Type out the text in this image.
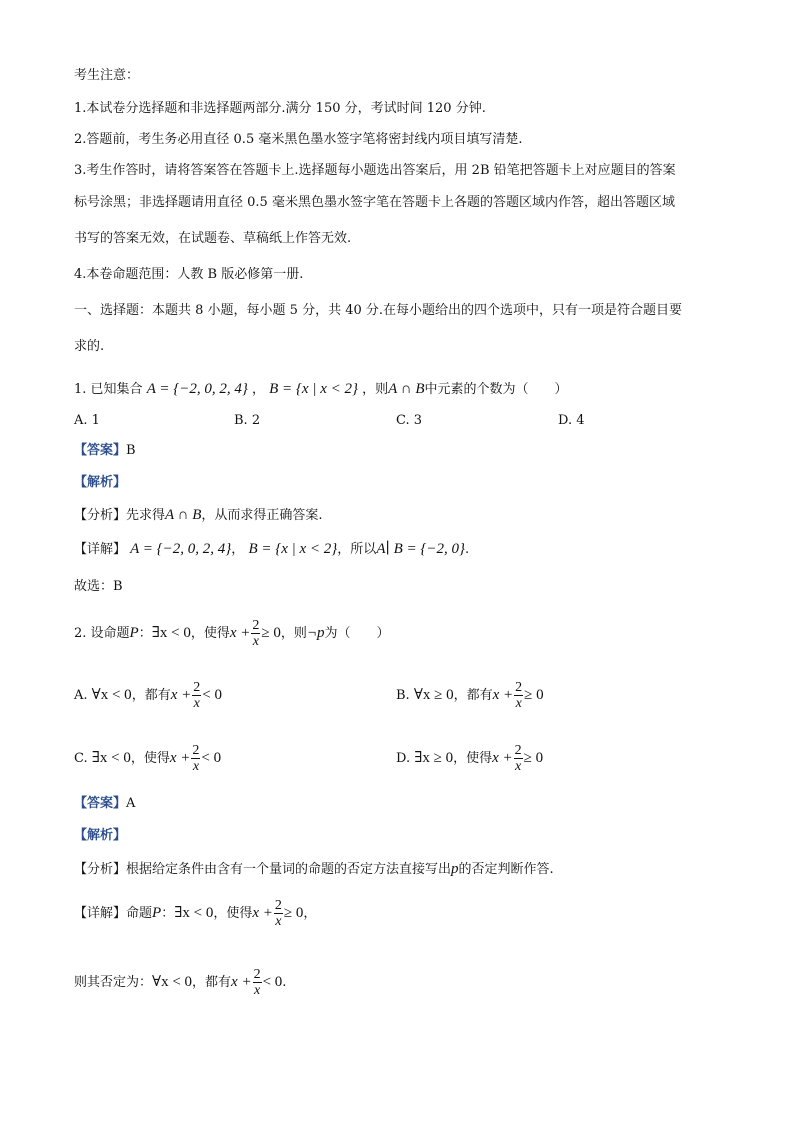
考生注意：
1.本试卷分选择题和非选择题两部分.满分 150 分，考试时间 120 分钟.
2.答题前，考生务必用直径 0.5 毫米黑色墨水签字笔将密封线内项目填写清楚.
3.考生作答时，请将答案答在答题卡上.选择题每小题选出答案后，用 2B 铅笔把答题卡上对应题目的答案
标号涂黑；非选择题请用直径 0.5 毫米黑色墨水签字笔在答题卡上各题的答题区域内作答，超出答题区域
书写的答案无效，在试题卷、草稿纸上作答无效.
4.本卷命题范围：人教 B 版必修第一册.
一、选择题：本题共 8 小题，每小题 5 分，共 40 分.在每小题给出的四个选项中，只有一项是符合题目要
求的.
1. 已知集合 A = {−2, 0, 2, 4} ， B = {x | x < 2} ，则A ∩ B中元素的个数为（　　）
A. 1	B. 2	C. 3	D. 4
【答案】B
【解析】
【分析】先求得A ∩ B，从而求得正确答案.
【详解】 A = {−2, 0, 2, 4}， B = {x | x < 2}，所以A∣ B = {−2, 0}.
故选：B
2. 设命题P：∃x < 0，使得$x + \frac{2}{x} \ge 0$，则¬p为（　　）
A. ∀x < 0，都有$x + \frac{2}{x} < 0$	B. ∀x ≥ 0，都有$x + \frac{2}{x} \ge 0$
C. ∃x < 0，使得$x + \frac{2}{x} < 0$	D. ∃x ≥ 0，使得$x + \frac{2}{x} \ge 0$
【答案】A
【解析】
【分析】根据给定条件由含有一个量词的命题的否定方法直接写出p的否定判断作答.
【详解】命题P：∃x < 0，使得$x + \frac{2}{x} \ge 0$，
则其否定为：∀x < 0，都有$x + \frac{2}{x} < 0$.
